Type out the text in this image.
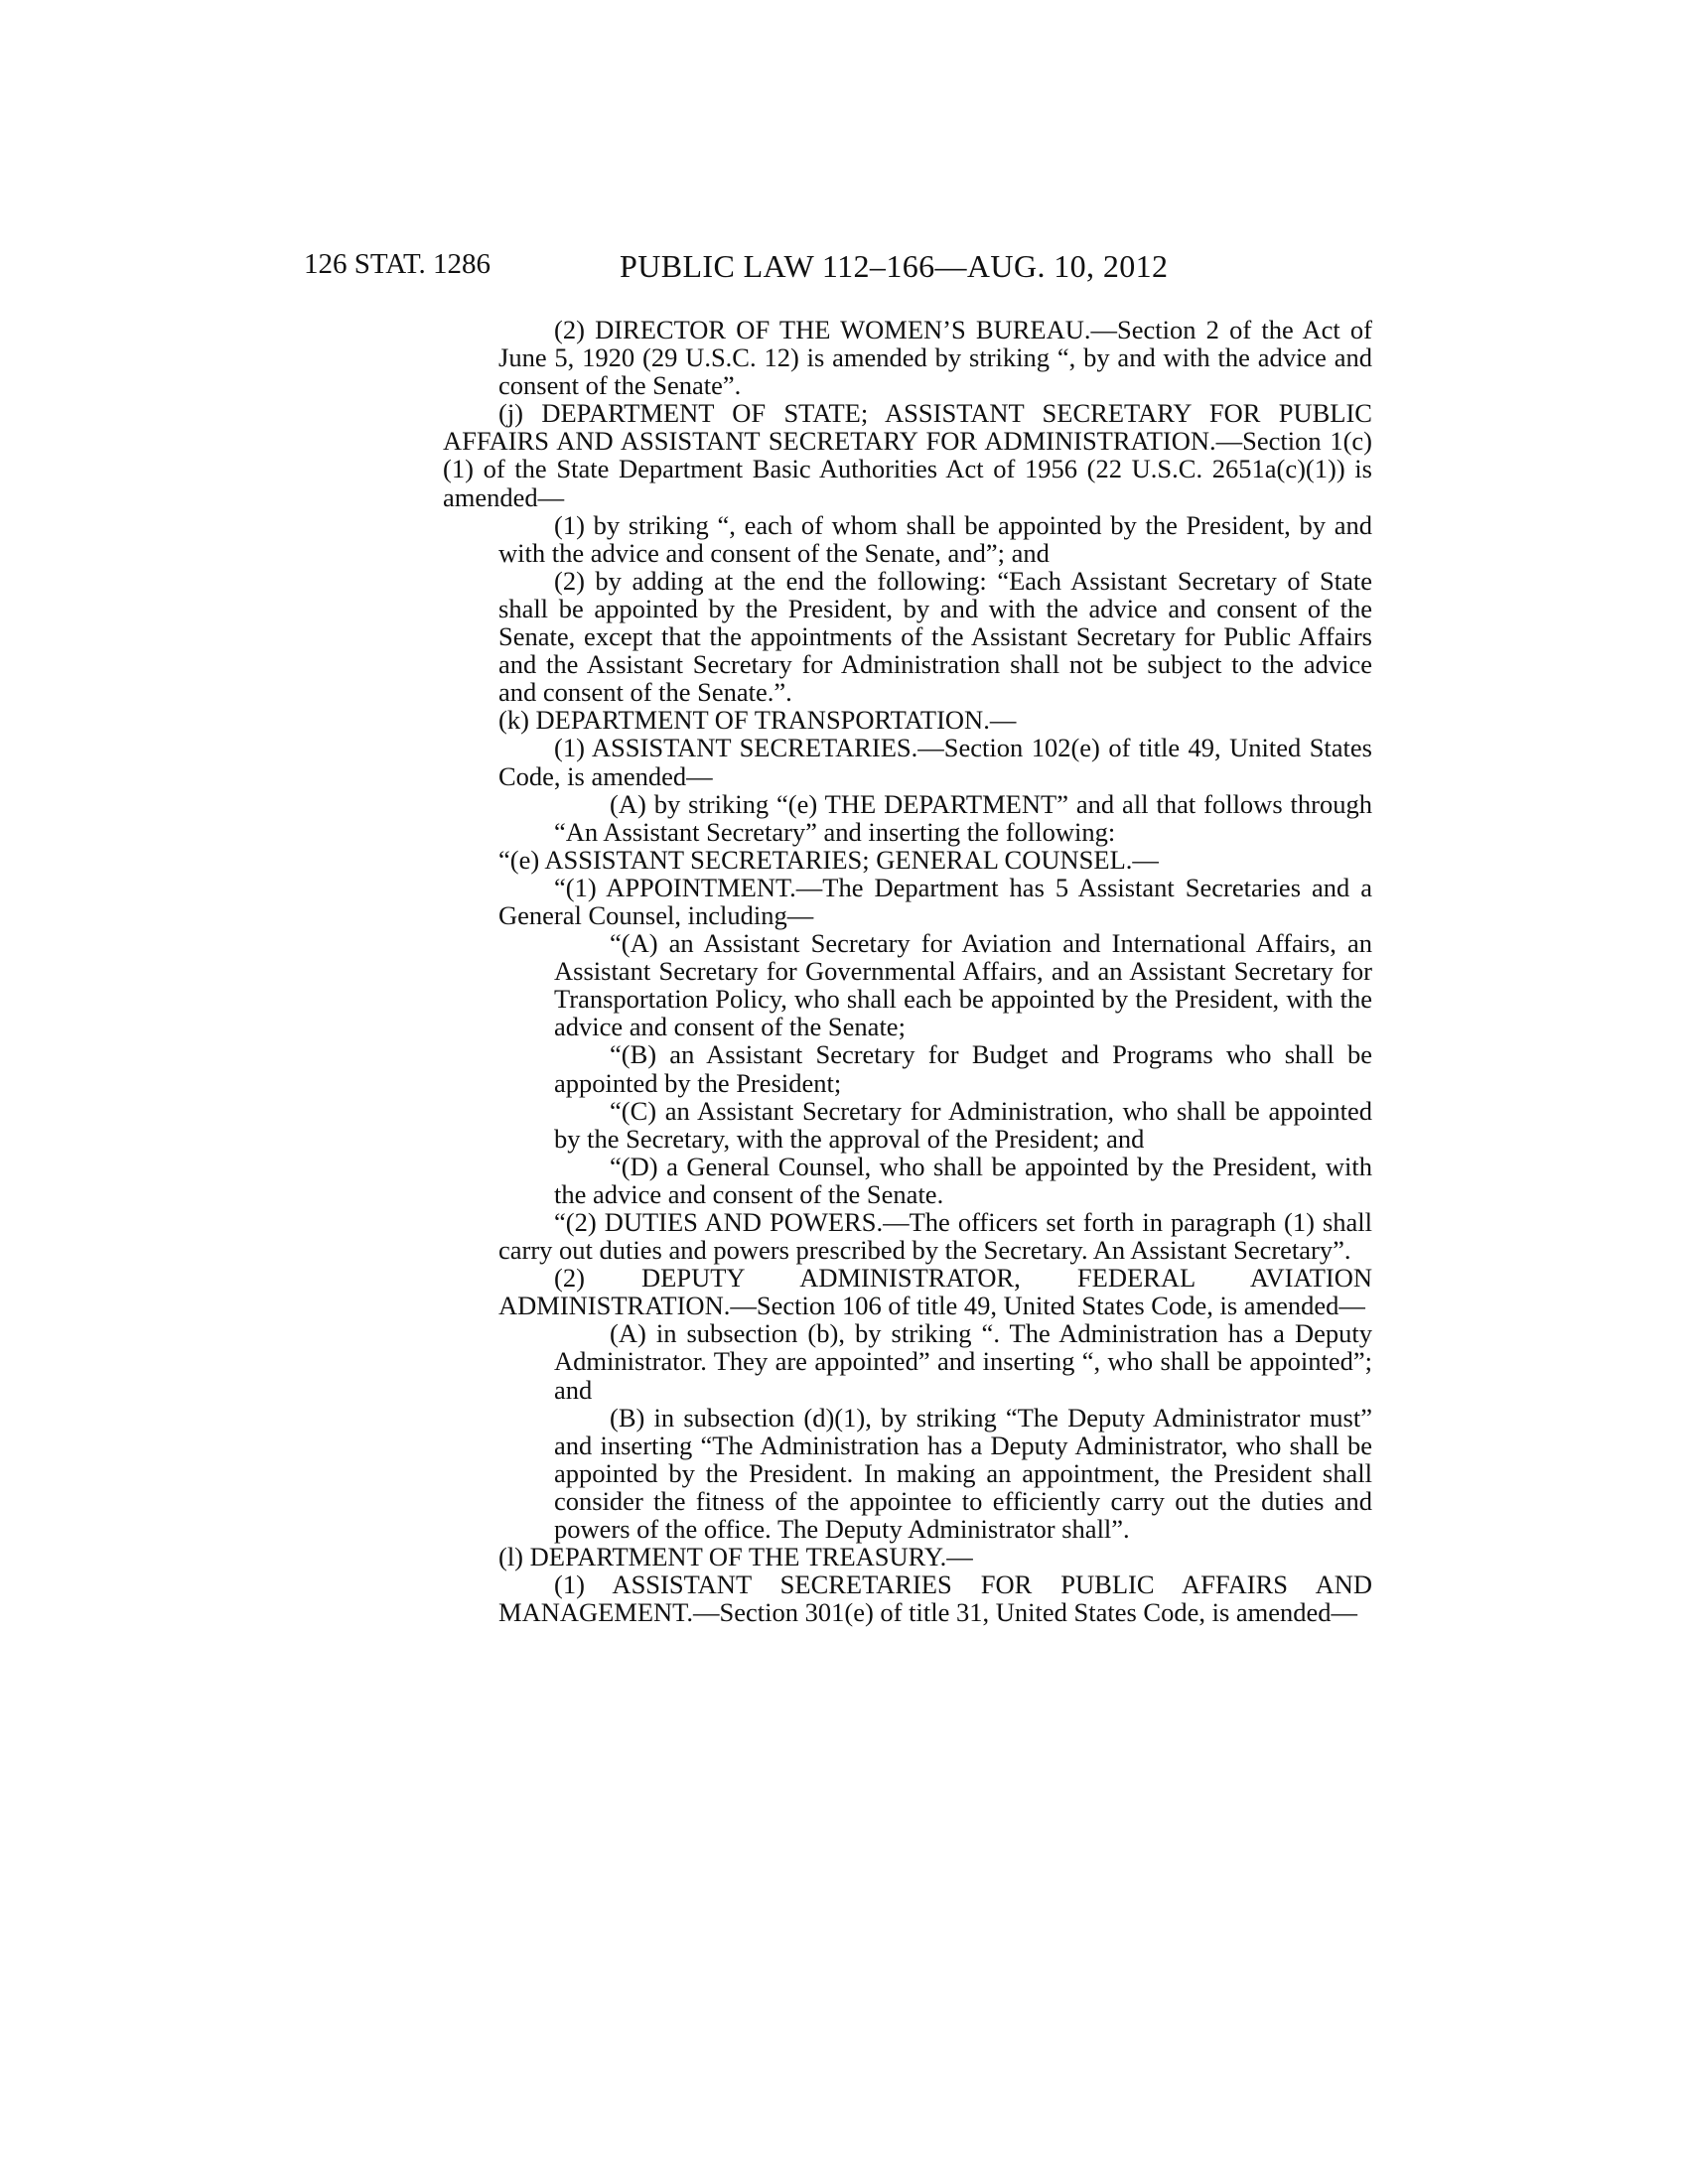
126 STAT. 1286	PUBLIC LAW 112–166—AUG. 10, 2012

(2) DIRECTOR OF THE WOMEN’S BUREAU.—Section 2 of the Act of June 5, 1920 (29 U.S.C. 12) is amended by striking “, by and with the advice and consent of the Senate”.

(j) DEPARTMENT OF STATE; ASSISTANT SECRETARY FOR PUBLIC AFFAIRS AND ASSISTANT SECRETARY FOR ADMINISTRATION.—Section 1(c)(1) of the State Department Basic Authorities Act of 1956 (22 U.S.C. 2651a(c)(1)) is amended—

(1) by striking “, each of whom shall be appointed by the President, by and with the advice and consent of the Senate, and”; and

(2) by adding at the end the following: “Each Assistant Secretary of State shall be appointed by the President, by and with the advice and consent of the Senate, except that the appointments of the Assistant Secretary for Public Affairs and the Assistant Secretary for Administration shall not be subject to the advice and consent of the Senate.”.

(k) DEPARTMENT OF TRANSPORTATION.—

(1) ASSISTANT SECRETARIES.—Section 102(e) of title 49, United States Code, is amended—

(A) by striking “(e) THE DEPARTMENT” and all that follows through “An Assistant Secretary” and inserting the following:

“(e) ASSISTANT SECRETARIES; GENERAL COUNSEL.—

“(1) APPOINTMENT.—The Department has 5 Assistant Secretaries and a General Counsel, including—

“(A) an Assistant Secretary for Aviation and International Affairs, an Assistant Secretary for Governmental Affairs, and an Assistant Secretary for Transportation Policy, who shall each be appointed by the President, with the advice and consent of the Senate;

“(B) an Assistant Secretary for Budget and Programs who shall be appointed by the President;

“(C) an Assistant Secretary for Administration, who shall be appointed by the Secretary, with the approval of the President; and

“(D) a General Counsel, who shall be appointed by the President, with the advice and consent of the Senate.

“(2) DUTIES AND POWERS.—The officers set forth in paragraph (1) shall carry out duties and powers prescribed by the Secretary. An Assistant Secretary”.

(2) DEPUTY ADMINISTRATOR, FEDERAL AVIATION ADMINISTRATION.—Section 106 of title 49, United States Code, is amended—

(A) in subsection (b), by striking “. The Administration has a Deputy Administrator. They are appointed” and inserting “, who shall be appointed”; and

(B) in subsection (d)(1), by striking “The Deputy Administrator must” and inserting “The Administration has a Deputy Administrator, who shall be appointed by the President. In making an appointment, the President shall consider the fitness of the appointee to efficiently carry out the duties and powers of the office. The Deputy Administrator shall”.

(l) DEPARTMENT OF THE TREASURY.—

(1) ASSISTANT SECRETARIES FOR PUBLIC AFFAIRS AND MANAGEMENT.—Section 301(e) of title 31, United States Code, is amended—
